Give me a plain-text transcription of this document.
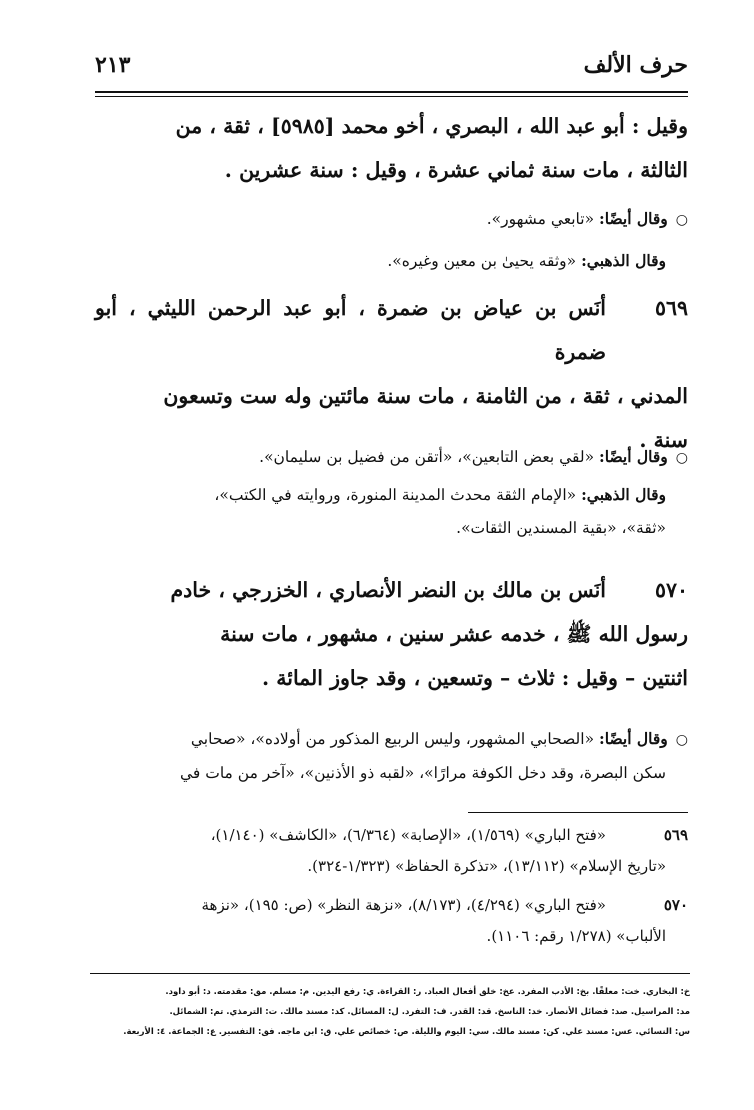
حرف الألف
٢١٣
وقيل : أبو عبد الله ، البصري ، أخو محمد [٥٩٨٥] ، ثقة ، من
الثالثة ، مات سنة ثماني عشرة ، وقيل : سنة عشرين .
○وقال أيضًا: «تابعي مشهور».
وقال الذهبي: «وثقه يحيىٰ بن معين وغيره».
٥٦٩
أنَس بن عياض بن ضمرة ، أبو عبد الرحمن الليثي ، أبو ضمرة
المدني ، ثقة ، من الثامنة ، مات سنة مائتين وله ست وتسعون
سنة .
○وقال أيضًا: «لقي بعض التابعين»، «أتقن من فضيل بن سليمان».
وقال الذهبي: «الإمام الثقة محدث المدينة المنورة، وروايته في الكتب»،
«ثقة»، «بقية المسندين الثقات».
٥٧٠
أنَس بن مالك بن النضر الأنصاري ، الخزرجي ، خادم
رسول الله ﷺ ، خدمه عشر سنين ، مشهور ، مات سنة
اثنتين – وقيل : ثلاث – وتسعين ، وقد جاوز المائة .
○وقال أيضًا: «الصحابي المشهور، وليس الربيع المذكور من أولاده»، «صحابي
سكن البصرة، وقد دخل الكوفة مرارًا»، «لقبه ذو الأذنين»، «آخر من مات في
٥٦٩
«فتح الباري» (١/٥٦٩)، «الإصابة» (٦/٣٦٤)، «الكاشف» (١/١٤٠)،
«تاريخ الإسلام» (١٣/١١٢)، «تذكرة الحفاظ» (١/٣٢٣-٣٢٤).
٥٧٠
«فتح الباري» (٤/٢٩٤)، (٨/١٧٣)، «نزهة النظر» (ص: ١٩٥)، «نزهة
الألباب» (١/٢٧٨ رقم: ١١٠٦).
خ: البخاري. خت: معلقًا. بخ: الأدب المفرد. عخ: خلق أفعال العباد. ر: القراءة. ي: رفع اليدين. م: مسلم. مق: مقدمته. د: أبو داود.
مد: المراسيل. صد: فضائل الأنصار. خد: الناسخ. قد: القدر. ف: التفرد. ل: المسائل. كد: مسند مالك. ت: الترمذي. تم: الشمائل.
س: النسائي. عس: مسند علي. كن: مسند مالك. سي: اليوم والليلة. ص: خصائص علي. ق: ابن ماجه. فق: التفسير. ع: الجماعة. ٤: الأربعة.
